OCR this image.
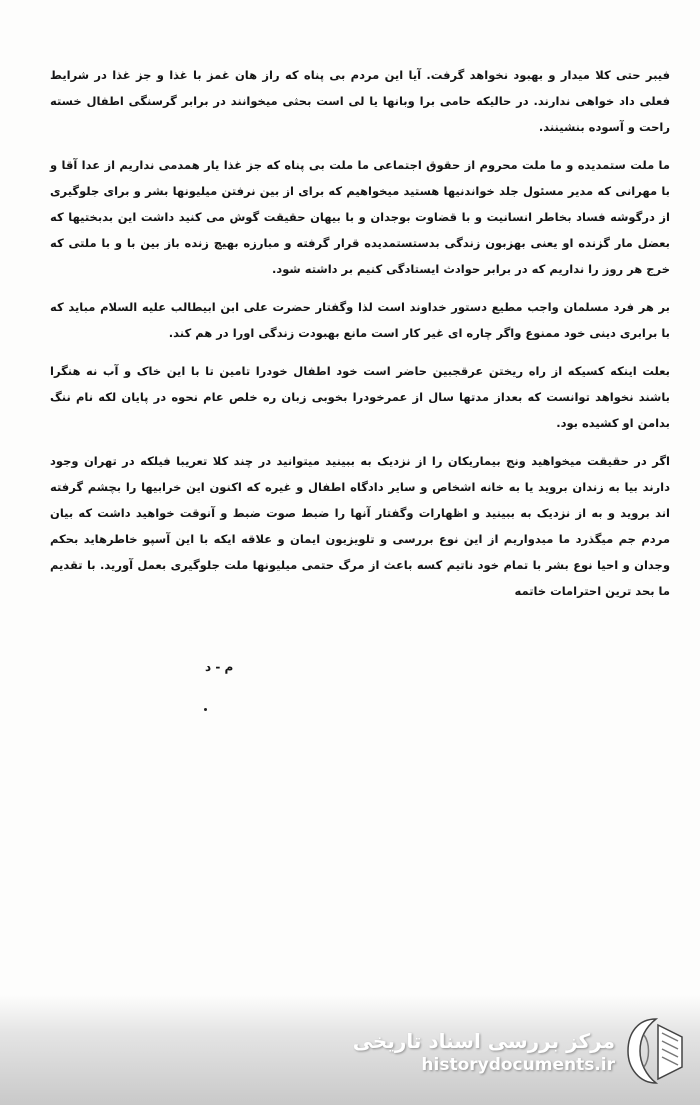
فیبر حتی کلا میدار و بهبود نخواهد گرفت. آیا این مردم بی پناه که راز هان غمز با غذا و جز غذا در شرایط فعلی داد خواهی ندارند. در حالیکه حامی برا وبانها یا لی است بحثی میخوانند در برابر گرسنگی اطفال خسته راحت و آسوده بنشینند.

ما ملت ستمدیده و ما ملت محروم از حقوق اجتماعی ما ملت بی پناه که جز غذا یار همدمی نداریم از عدا آقا و با مهرانی که مدیر مسئول جلد خواندنیها هستید میخواهیم که برای از بین نرفتن میلیونها بشر و برای جلوگیری از درگوشه فساد بخاطر انسانیت و با قضاوت بوجدان و با بیهان حقیقت گوش می کنید داشت این بدبختیها که بعضل مار گزنده او یعنی بهزبون زندگی بدستستمدیده قرار گرفته و مبارزه بهیچ زنده باز بین با و با ملتی که خرج هر روز را نداریم که در برابر حوادث ایستادگی کنیم بر داشته شود.

بر هر فرد مسلمان واجب مطیع دستور خداوند است لذا وگفتار حضرت علی ابن ابیطالب علیه السلام مباید که با برابری دینی خود ممنوع واگر چاره ای غیر کار است مانع بهبودت زندگی اورا در هم کند.

بعلت اینکه کسیکه از راه ریختن عرقجبین حاضر است خود اطفال خودرا تامین تا با این خاک و آب نه هنگرا باشند نخواهد توانست که بعداز مدتها سال از عمرخودرا بخوبی زبان ره خلص عام نحوه در پایان لکه نام ننگ بدامن او کشیده بود.

اگر در حقیقت میخواهید ونج بیماریکان را از نزدیک به ببینید میتوانید در چند کلا تعریبا فیلکه در تهران وجود دارند بیا به زندان بروید یا به خانه اشخاص و سایر دادگاه اطفال و غیره که اکنون این خرابیها را بچشم گرفته اند بروید و به از نزدیک به ببینید و اظهارات وگفتار آنها را ضبط صوت ضبط و آنوقت خواهید داشت که بیان مردم جم میگذرد ما میدواریم از این نوع بررسی و تلویزیون ایمان و علاقه ایکه با این آسپو خاطرهاید بحکم وجدان و احیا نوع بشر با تمام خود ناتیم کسه باعث از مرگ حتمی میلیونها ملت جلوگیری بعمل آورید. با تقدیم ما بحد ترین احترامات خاتمه

م - د
مرکز بررسی اسناد تاریخی
historydocuments.ir
